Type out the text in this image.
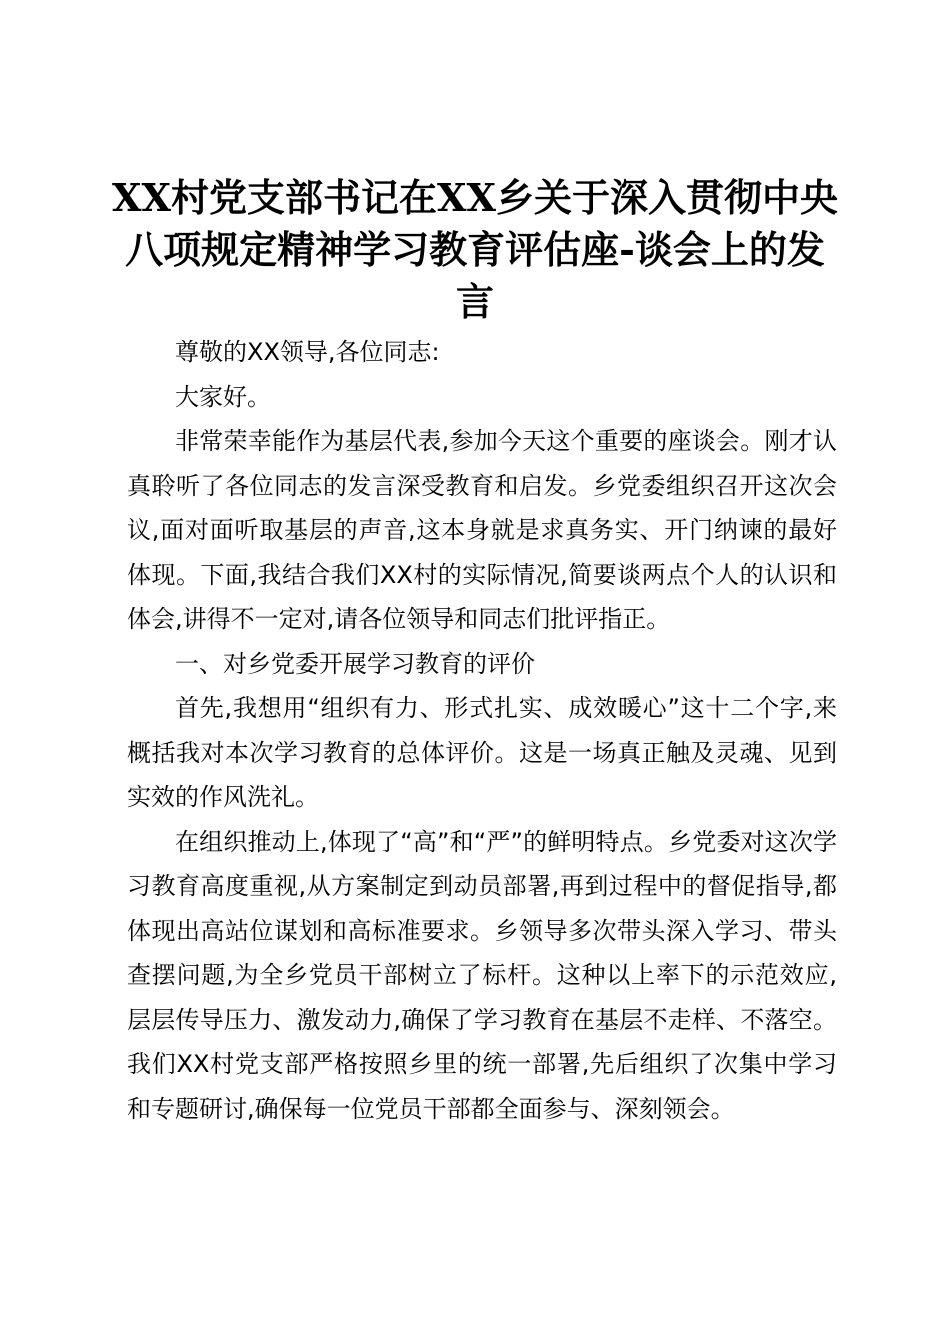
XX村党支部书记在XX乡关于深入贯彻中央八项规定精神学习教育评估座-谈会上的发言

尊敬的XX领导,各位同志:

大家好。

非常荣幸能作为基层代表,参加今天这个重要的座谈会。刚才认真聆听了各位同志的发言深受教育和启发。乡党委组织召开这次会议,面对面听取基层的声音,这本身就是求真务实、开门纳谏的最好体现。下面,我结合我们XX村的实际情况,简要谈两点个人的认识和体会,讲得不一定对,请各位领导和同志们批评指正。

一、对乡党委开展学习教育的评价

首先,我想用“组织有力、形式扎实、成效暖心”这十二个字,来概括我对本次学习教育的总体评价。这是一场真正触及灵魂、见到实效的作风洗礼。

在组织推动上,体现了“高”和“严”的鲜明特点。乡党委对这次学习教育高度重视,从方案制定到动员部署,再到过程中的督促指导,都体现出高站位谋划和高标准要求。乡领导多次带头深入学习、带头查摆问题,为全乡党员干部树立了标杆。这种以上率下的示范效应,层层传导压力、激发动力,确保了学习教育在基层不走样、不落空。我们XX村党支部严格按照乡里的统一部署,先后组织了次集中学习和专题研讨,确保每一位党员干部都全面参与、深刻领会。
